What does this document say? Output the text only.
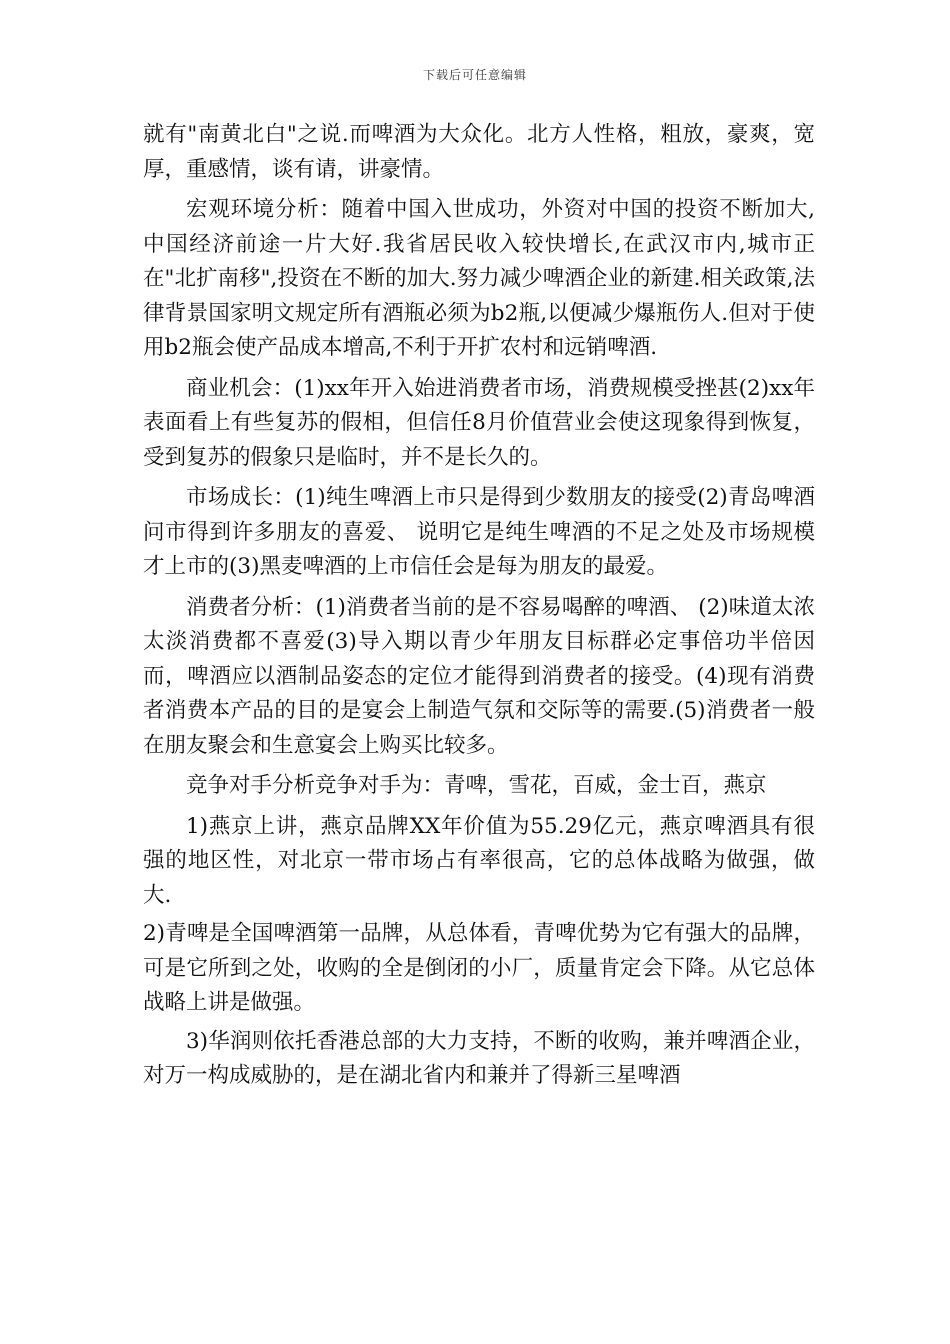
下载后可任意编辑

就有"南黄北白"之说.而啤酒为大众化。北方人性格，粗放，豪爽，宽厚，重感情，谈有请，讲豪情。

宏观环境分析：随着中国入世成功，外资对中国的投资不断加大,中国经济前途一片大好.我省居民收入较快增长,在武汉市内,城市正在"北扩南移",投资在不断的加大.努力减少啤酒企业的新建.相关政策,法律背景国家明文规定所有酒瓶必须为b2瓶,以便减少爆瓶伤人.但对于使用b2瓶会使产品成本增高,不利于开扩农村和远销啤酒.

商业机会：(1)xx年开入始进消费者市场，消费规模受挫甚(2)xx年表面看上有些复苏的假相，但信任8月价值营业会使这现象得到恢复，受到复苏的假象只是临时，并不是长久的。

市场成长：(1)纯生啤酒上市只是得到少数朋友的接受(2)青岛啤酒问市得到许多朋友的喜爱、 说明它是纯生啤酒的不足之处及市场规模才上市的(3)黑麦啤酒的上市信任会是每为朋友的最爱。

消费者分析：(1)消费者当前的是不容易喝醉的啤酒、 (2)味道太浓太淡消费都不喜爱(3)导入期以青少年朋友目标群必定事倍功半倍因而，啤酒应以酒制品姿态的定位才能得到消费者的接受。(4)现有消费者消费本产品的目的是宴会上制造气氛和交际等的需要.(5)消费者一般在朋友聚会和生意宴会上购买比较多。

竞争对手分析竞争对手为：青啤，雪花，百威，金士百，燕京

1)燕京上讲，燕京品牌XX年价值为55.29亿元，燕京啤酒具有很强的地区性，对北京一带市场占有率很高，它的总体战略为做强，做大.

2)青啤是全国啤酒第一品牌，从总体看，青啤优势为它有强大的品牌，可是它所到之处，收购的全是倒闭的小厂，质量肯定会下降。从它总体战略上讲是做强。

3)华润则依托香港总部的大力支持，不断的收购，兼并啤酒企业，对万一构成威胁的，是在湖北省内和兼并了得新三星啤酒
